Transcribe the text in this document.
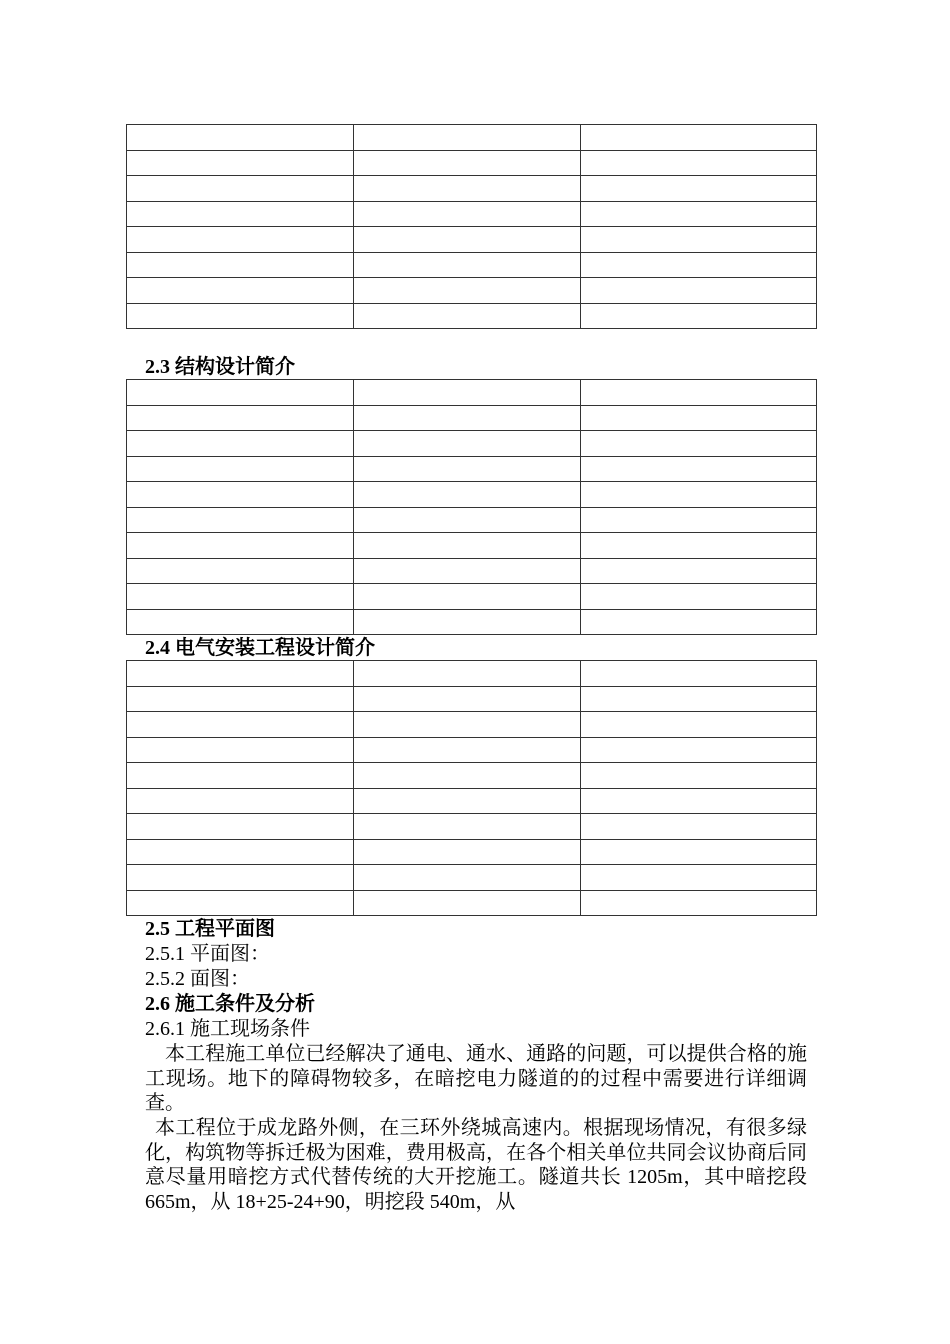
2.3 结构设计简介

2.4 电气安装工程设计简介

2.5 工程平面图
2.5.1 平面图：
2.5.2 面图：
2.6 施工条件及分析
2.6.1 施工现场条件
本工程施工单位已经解决了通电、通水、通路的问题，可以提供合格的施工现场。地下的障碍物较多，在暗挖电力隧道的的过程中需要进行详细调查。
本工程位于成龙路外侧，在三环外绕城高速内。根据现场情况，有很多绿化，构筑物等拆迁极为困难，费用极高，在各个相关单位共同会议协商后同意尽量用暗挖方式代替传统的大开挖施工。隧道共长 1205m，其中暗挖段 665m，从 18+25-24+90，明挖段 540m，从
